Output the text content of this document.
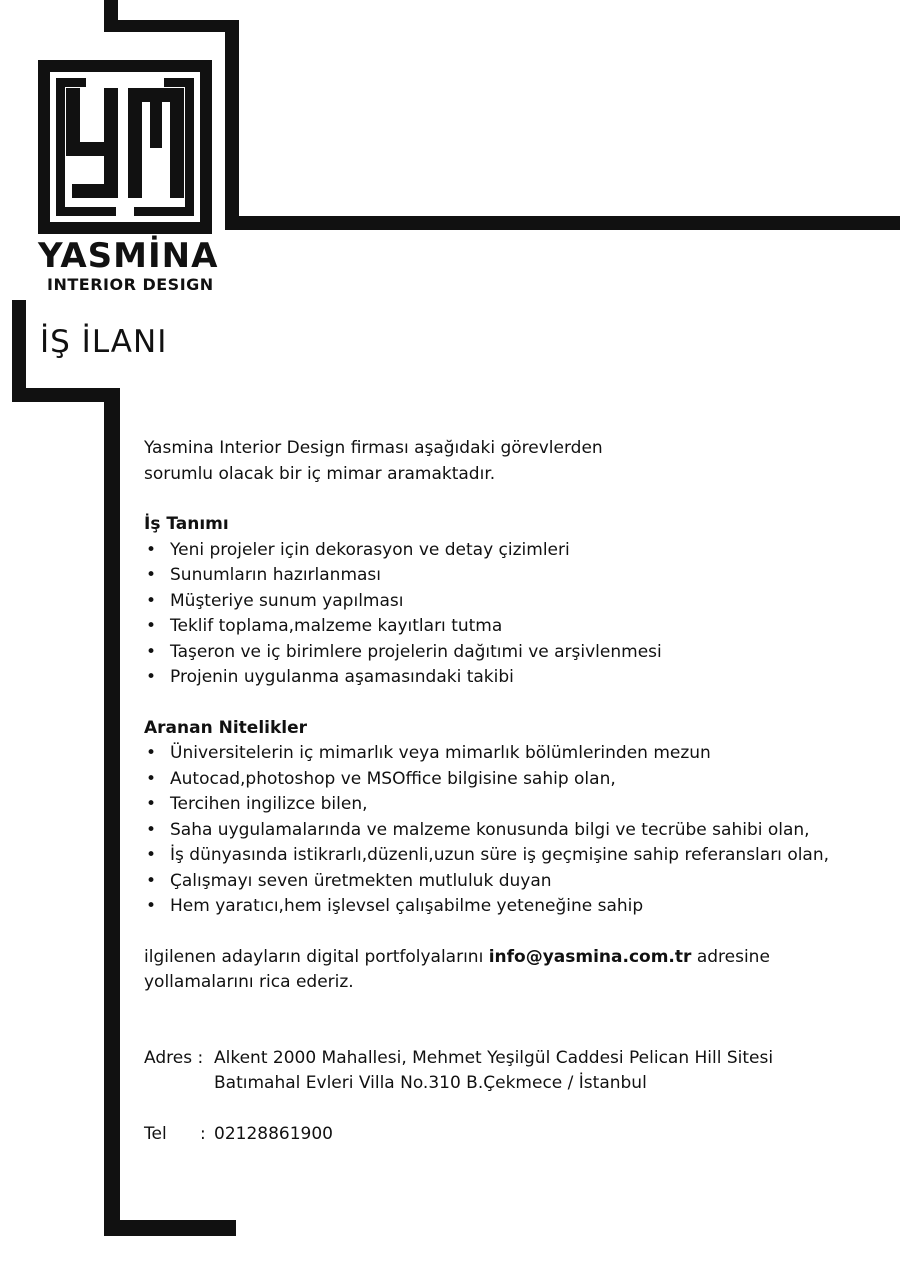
YASMİNA
INTERIOR DESIGN
İŞ İLANI

Yasmina Interior Design firması aşağıdaki görevlerden

sorumlu olacak bir iç mimar aramaktadır.

İş Tanımı

• Yeni projeler için dekorasyon ve detay çizimleri
• Sunumların hazırlanması
• Müşteriye sunum yapılması
• Teklif toplama,malzeme kayıtları tutma
• Taşeron ve iç birimlere projelerin dağıtımi ve arşivlenmesi
• Projenin uygulanma aşamasındaki takibi

Aranan Nitelikler

• Üniversitelerin iç mimarlık veya mimarlık bölümlerinden mezun
• Autocad,photoshop ve MSOffice bilgisine sahip olan,
• Tercihen ingilizce bilen,
• Saha uygulamalarında ve malzeme konusunda bilgi ve tecrübe sahibi olan,
• İş dünyasında istikrarlı,düzenli,uzun süre iş geçmişine sahip referansları olan,
• Çalışmayı seven üretmekten mutluluk duyan
• Hem yaratıcı,hem işlevsel çalışabilme yeteneğine sahip

ilgilenen adayların digital portfolyalarını info@yasmina.com.tr adresine

yollamalarını rica ederiz.

Adres : Alkent 2000 Mahallesi, Mehmet Yeşilgül Caddesi Pelican Hill Sitesi
Batımahal Evleri Villa No.310 B.Çekmece / İstanbul
Tel	: 02128861900
